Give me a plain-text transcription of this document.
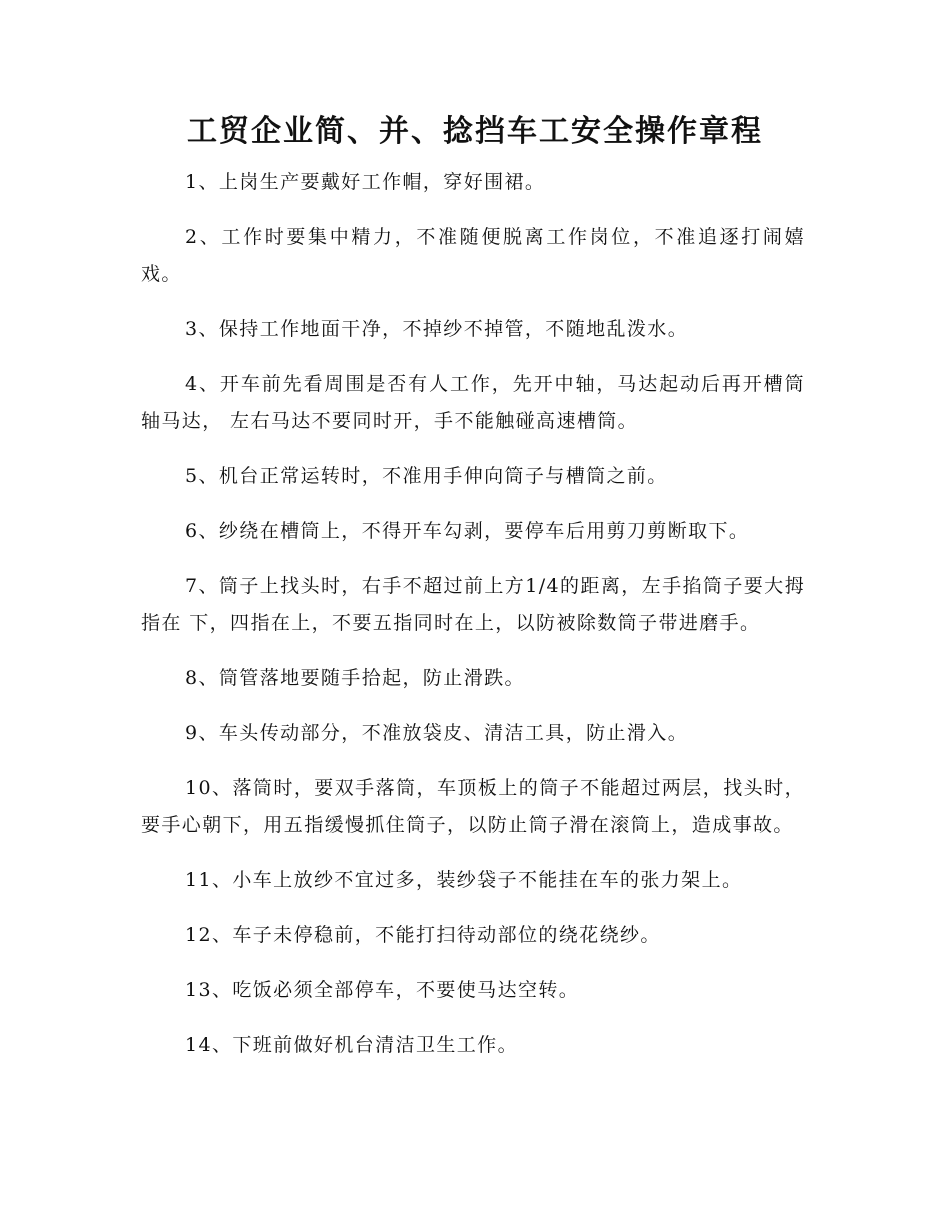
工贸企业简、并、捻挡车工安全操作章程

1、上岗生产要戴好工作帽，穿好围裙。

2、工作时要集中精力，不准随便脱离工作岗位，不准追逐打闹嬉戏。

3、保持工作地面干净，不掉纱不掉管，不随地乱泼水。

4、开车前先看周围是否有人工作，先开中轴，马达起动后再开槽筒轴马达， 左右马达不要同时开，手不能触碰高速槽筒。

5、机台正常运转时，不准用手伸向筒子与槽筒之前。

6、纱绕在槽筒上，不得开车勾剥，要停车后用剪刀剪断取下。

7、筒子上找头时，右手不超过前上方1/4的距离，左手掐筒子要大拇指在 下，四指在上，不要五指同时在上，以防被除数筒子带进磨手。

8、筒管落地要随手拾起，防止滑跌。

9、车头传动部分，不准放袋皮、清洁工具，防止滑入。

10、落筒时，要双手落筒，车顶板上的筒子不能超过两层，找头时，要手心朝下，用五指缓慢抓住筒子，以防止筒子滑在滚筒上，造成事故。

11、小车上放纱不宜过多，装纱袋子不能挂在车的张力架上。

12、车子未停稳前，不能打扫待动部位的绕花绕纱。

13、吃饭必须全部停车，不要使马达空转。

14、下班前做好机台清洁卫生工作。
